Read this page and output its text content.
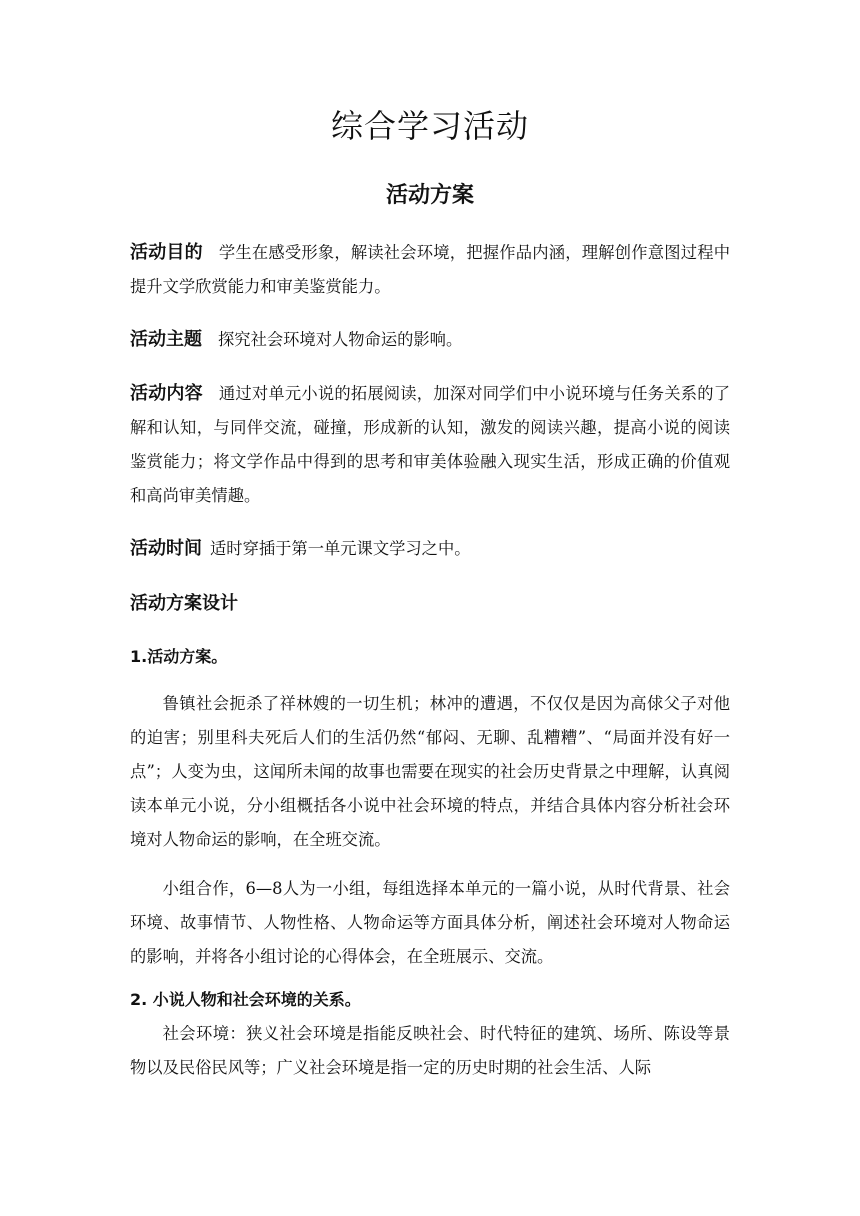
综合学习活动
活动方案
活动目的 学生在感受形象，解读社会环境，把握作品内涵，理解创作意图过程中提升文学欣赏能力和审美鉴赏能力。
活动主题 探究社会环境对人物命运的影响。
活动内容 通过对单元小说的拓展阅读，加深对同学们中小说环境与任务关系的了解和认知，与同伴交流，碰撞，形成新的认知，激发的阅读兴趣，提高小说的阅读鉴赏能力；将文学作品中得到的思考和审美体验融入现实生活，形成正确的价值观和高尚审美情趣。
活动时间 适时穿插于第一单元课文学习之中。
活动方案设计
1.活动方案。
鲁镇社会扼杀了祥林嫂的一切生机；林冲的遭遇，不仅仅是因为高俅父子对他的迫害；别里科夫死后人们的生活仍然“郁闷、无聊、乱糟糟”、“局面并没有好一点”；人变为虫，这闻所未闻的故事也需要在现实的社会历史背景之中理解，认真阅读本单元小说，分小组概括各小说中社会环境的特点，并结合具体内容分析社会环境对人物命运的影响，在全班交流。
小组合作，6—8人为一小组，每组选择本单元的一篇小说，从时代背景、社会环境、故事情节、人物性格、人物命运等方面具体分析，阐述社会环境对人物命运的影响，并将各小组讨论的心得体会，在全班展示、交流。
2. 小说人物和社会环境的关系。
社会环境：狭义社会环境是指能反映社会、时代特征的建筑、场所、陈设等景物以及民俗民风等；广义社会环境是指一定的历史时期的社会生活、人际
